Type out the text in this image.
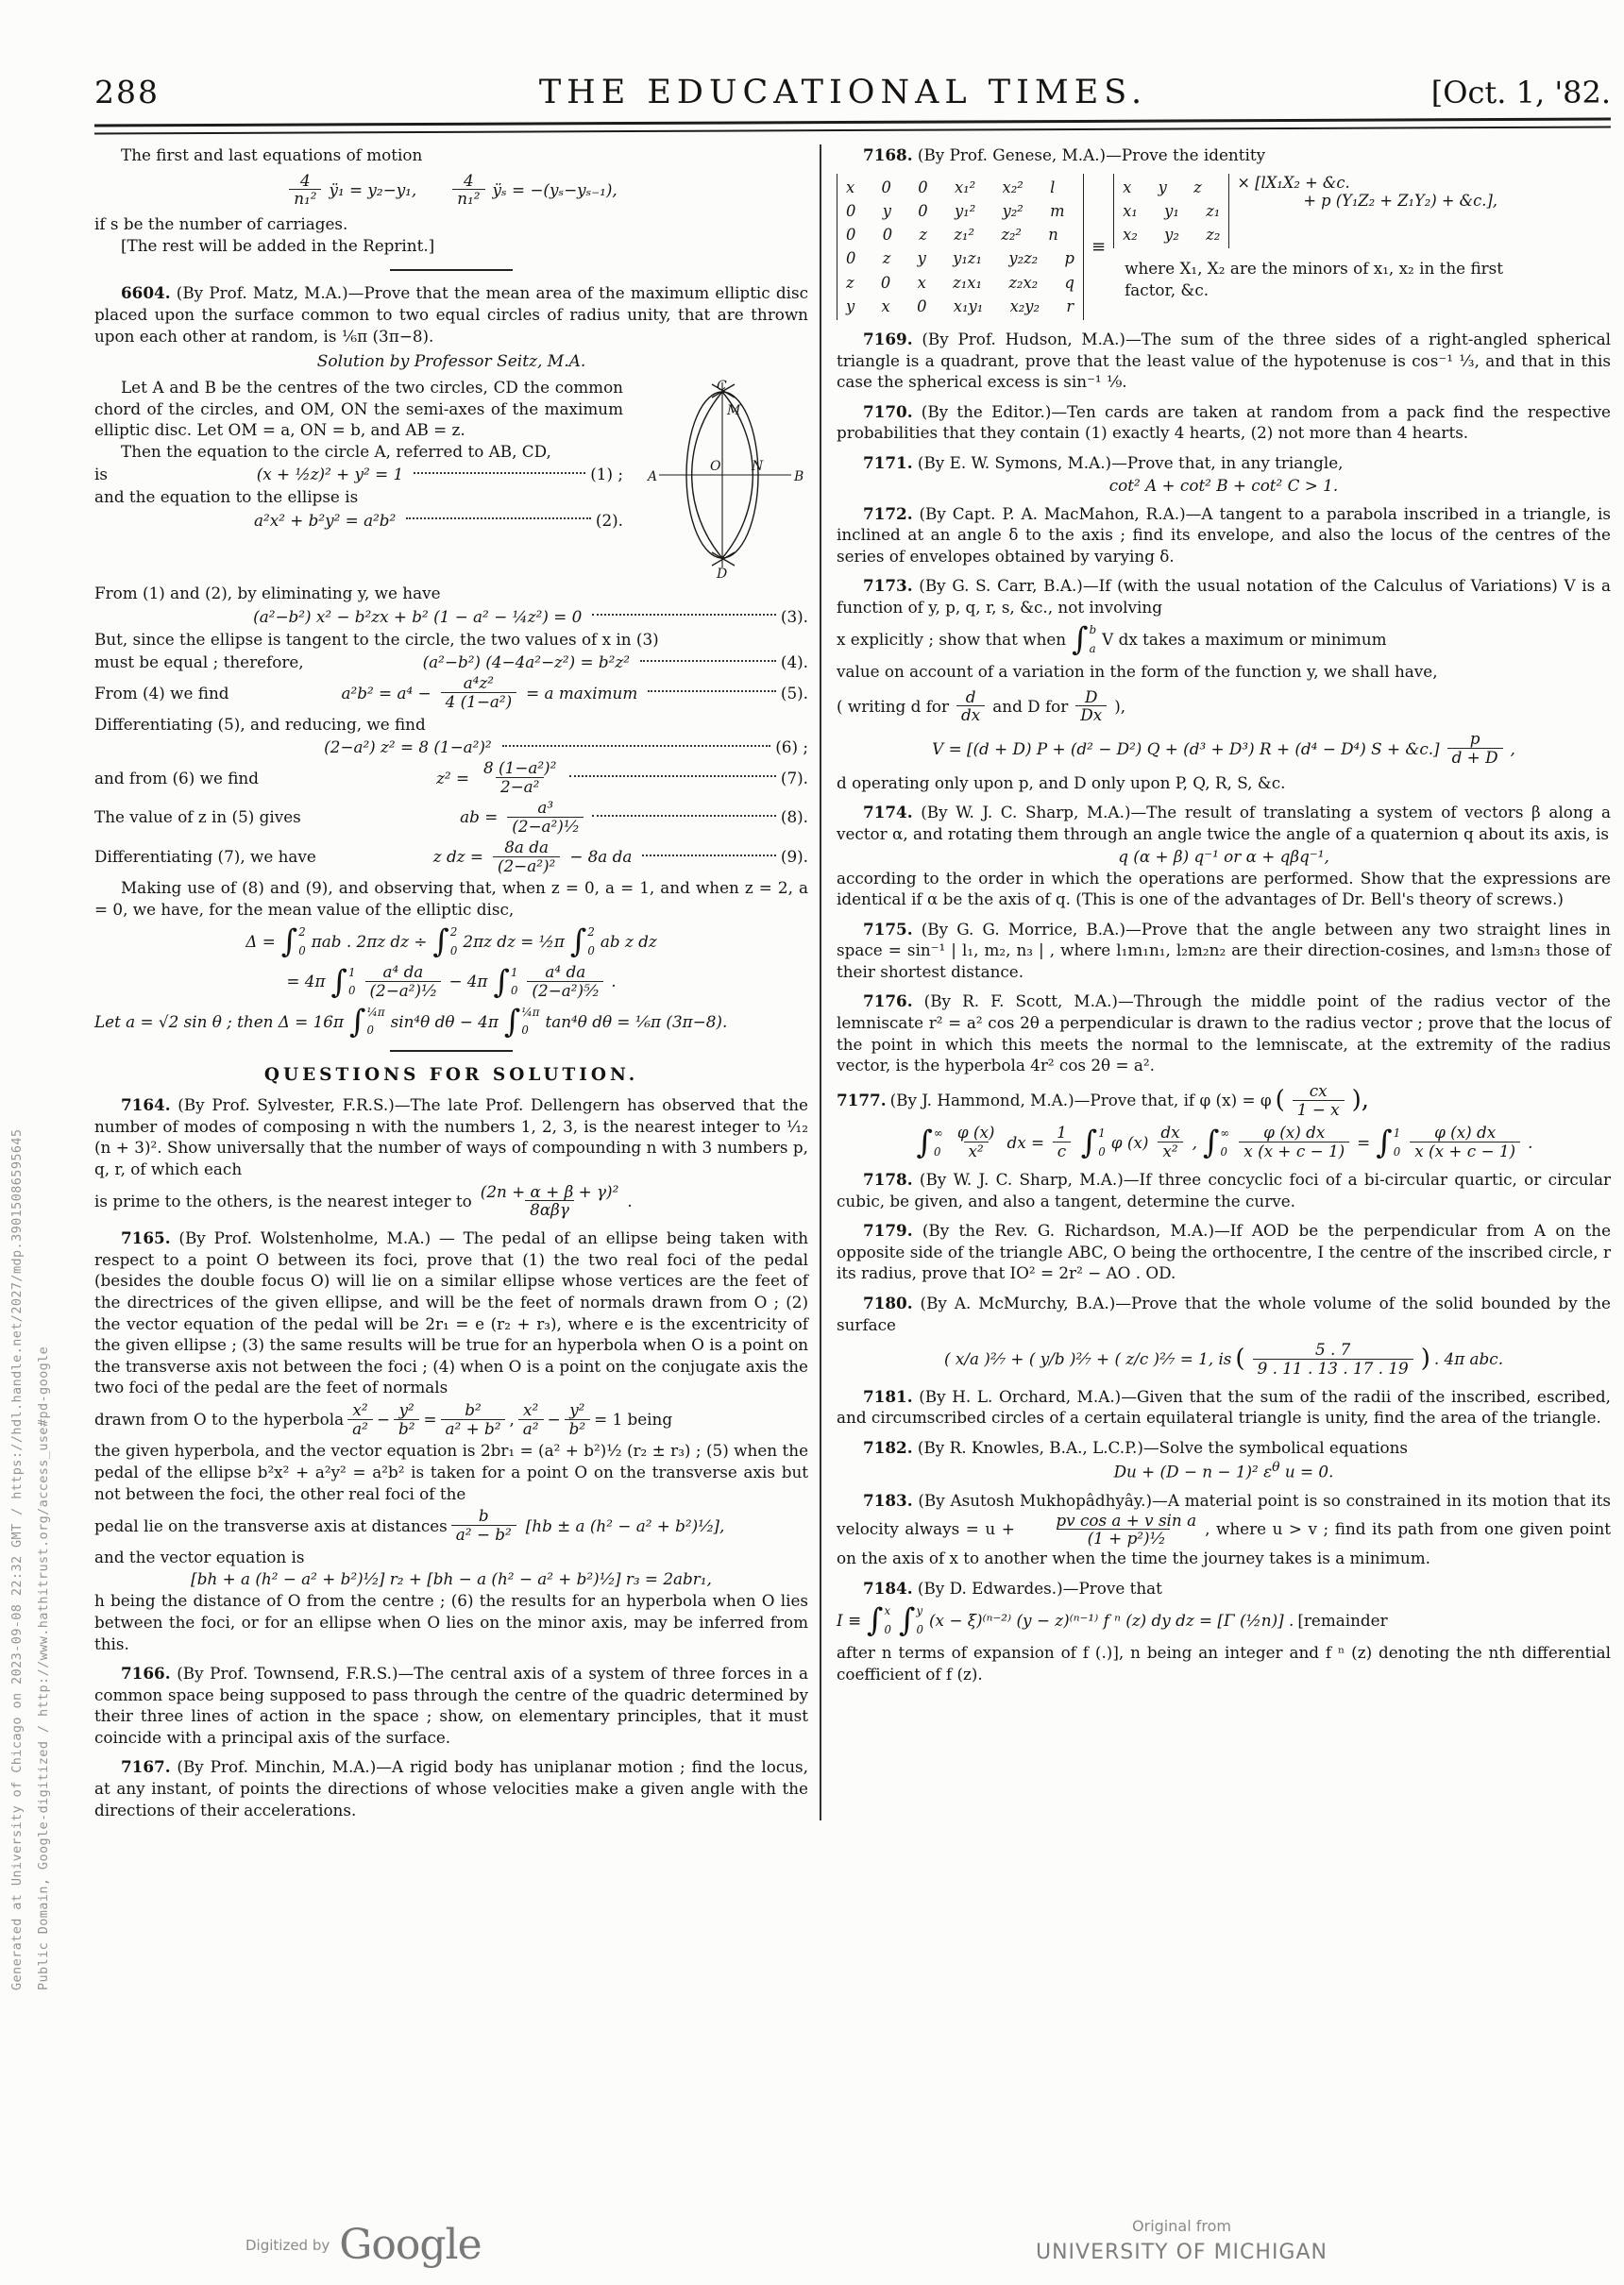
Generated at University of Chicago on 2023-09-08 22:32 GMT / https://hdl.handle.net/2027/mdp.39015086595645 Public Domain, Google-digitized / http://www.hathitrust.org/access_use#pd-google
288	THE EDUCATIONAL TIMES.	[Oct. 1, '82.

The first and last equations of motion

$\frac{4}{\text{n₁²}}$ ÿ₁ = y₂−y₁, $\frac{4}{\text{n₁²}}$ ÿₛ = −(yₛ−yₛ₋₁),

if s be the number of carriages.

[The rest will be added in the Reprint.]

6604. (By Prof. Matz, M.A.)—Prove that the mean area of the maximum elliptic disc placed upon the surface common to two equal circles of radius unity, that are thrown upon each other at random, is ⅙π (3π−8).

Solution by Professor Seitz, M.A.

C
M
A
O N
B
D

Let A and B be the centres of the two circles, CD the common chord of the circles, and OM, ON the semi-axes of the maximum elliptic disc. Let OM = a, ON = b, and AB = z.

Then the equation to the circle A, referred to AB, CD,

is	(x + ½z)² + y² = 1	(1) ;

and the equation to the ellipse is

a²x² + b²y² = a²b²	(2).

From (1) and (2), by eliminating y, we have

(a²−b²) x² − b²zx + b² (1 − a² − ¼z²) = 0	(3).

But, since the ellipse is tangent to the circle, the two values of x in (3)

must be equal ; therefore,	(a²−b²) (4−4a²−z²) = b²z²	(4).
From (4) we find	$a^2b^2 = a^4 - \frac{\text{a⁴z²}}{\text{4 (1−a²)}} = a$ maximum	(5).

Differentiating (5), and reducing, we find

(2−a²) z² = 8 (1−a²)²	(6) ;
and from (6) we find	$z^2 = \frac{\text{8 (1−a²)²}}{\text{2−a²}}$	(7).
The value of z in (5) gives	ab = $\frac{\text{a³}}{\text{(2−a²)¹⁄₂}}$	(8).
Differentiating (7), we have	z dz = $\frac{\text{8a da}}{\text{(2−a²)²}} - 8a$ da	(9).

Making use of (8) and (9), and observing that, when z = 0, a = 1, and when z = 2, a = 0, we have, for the mean value of the elliptic disc,

Δ = ∫ 2
0 πab . 2πz dz ÷ ∫ 2
0 2πz dz = ½π ∫ 2
0 ab z dz
= 4π ∫ 1
$0 \frac{\text{a⁴ da}}{\text{(2−a²)¹⁄₂}} - 4\pi$ ∫ 1
$0 \frac{\text{a⁴ da}}{\text{(2−a²)⁵⁄₂}}$ .
Let a = √2 sin θ ; then Δ = 16π ∫ ¼π
0	sin⁴θ dθ − 4π ∫ ¼π
0	tan⁴θ dθ = ⅙π (3π−8).
QUESTIONS FOR SOLUTION.

7164. (By Prof. Sylvester, F.R.S.)—The late Prof. Dellengern has observed that the number of modes of composing n with the numbers 1, 2, 3, is the nearest integer to ¹⁄₁₂ (n + 3)². Show universally that the number of ways of compounding n with 3 numbers p, q, r, of which each

is prime to the others, is the nearest integer to $\frac{\text{(2n + α + β + γ)²}}{\text{8αβγ}}$ .

7165. (By Prof. Wolstenholme, M.A.) — The pedal of an ellipse being taken with respect to a point O between its foci, prove that (1) the two real foci of the pedal (besides the double focus O) will lie on a similar ellipse whose vertices are the feet of the directrices of the given ellipse, and will be the feet of normals drawn from O ; (2) the vector equation of the pedal will be 2r₁ = e (r₂ + r₃), where e is the excentricity of the given ellipse ; (3) the same results will be true for an hyperbola when O is a point on the transverse axis not between the foci ; (4) when O is a point on the conjugate axis the two foci of the pedal are the feet of normals

drawn from O to the hyperbola $\frac{\text{x²}}{\text{a²}} - \frac{\text{y²}}{\text{b²}} = \frac{\text{b²}}{\text{a² + b²}}$ , $\frac{\text{x²}}{\text{a²}} - \frac{\text{y²}}{\text{b²}} = 1$ being

the given hyperbola, and the vector equation is 2br₁ = (a² + b²)¹⁄₂ (r₂ ± r₃) ; (5) when the pedal of the ellipse b²x² + a²y² = a²b² is taken for a point O on the transverse axis but not between the foci, the other real foci of the

pedal lie on the transverse axis at distances $\frac{b}{\text{a² − b²}} [hb \pm a$ (h² − a² + b²)¹⁄₂],

and the vector equation is

[bh + a (h² − a² + b²)¹⁄₂] r₂ + [bh − a (h² − a² + b²)¹⁄₂] r₃ = 2abr₁,

h being the distance of O from the centre ; (6) the results for an hyperbola when O lies between the foci, or for an ellipse when O lies on the minor axis, may be inferred from this.

7166. (By Prof. Townsend, F.R.S.)—The central axis of a system of three forces in a common space being supposed to pass through the centre of the quadric determined by their three lines of action in the space ; show, on elementary principles, that it must coincide with a principal axis of the surface.

7167. (By Prof. Minchin, M.A.)—A rigid body has uniplanar motion ; find the locus, at any instant, of points the directions of whose velocities make a given angle with the directions of their accelerations.

7168. (By Prof. Genese, M.A.)—Prove the identity

x  0  0  x₁²  x₂²  l
0  y  0  y₁²  y₂²  m
0  0  z  z₁²  z₂²  n
0  z  y  y₁z₁  y₂z₂  p
z  0  x  z₁x₁  z₂x₂  q
y  x  0  x₁y₁  x₂y₂  r
≡
x  y  z
x₁  y₁  z₁
x₂  y₂  z₂
× [lX₁X₂ + &c.
+ p (Y₁Z₂ + Z₁Y₂) + &c.],

where X₁, X₂ are the minors of x₁, x₂ in the first factor, &c.

7169. (By Prof. Hudson, M.A.)—The sum of the three sides of a right-angled spherical triangle is a quadrant, prove that the least value of the hypotenuse is cos⁻¹ ⅓, and that in this case the spherical excess is sin⁻¹ ⅑.

7170. (By the Editor.)—Ten cards are taken at random from a pack find the respective probabilities that they contain (1) exactly 4 hearts, (2) not more than 4 hearts.

7171. (By E. W. Symons, M.A.)—Prove that, in any triangle,

cot² A + cot² B + cot² C > 1.

7172. (By Capt. P. A. MacMahon, R.A.)—A tangent to a parabola inscribed in a triangle, is inclined at an angle δ to the axis ; find its envelope, and also the locus of the centres of the series of envelopes obtained by varying δ.

7173. (By G. S. Carr, B.A.)—If (with the usual notation of the Calculus of Variations) V is a function of y, p, q, r, s, &c., not involving

x explicitly ; show that when ∫ b
a V dx takes a maximum or minimum

value on account of a variation in the form of the function y, we shall have,

( writing d for $\frac{d}{dx}$ and D for $\frac{D}{Dx}$ ),
V = [(d + D) P + (d² − D²) Q + (d³ + D³) R + (d⁴ − D⁴) S + &c.] $\frac{p}{d + D}$ ,

d operating only upon p, and D only upon P, Q, R, S, &c.

7174. (By W. J. C. Sharp, M.A.)—The result of translating a system of vectors β along a vector α, and rotating them through an angle twice the angle of a quaternion q about its axis, is

q (α + β) q⁻¹ or α + qβq⁻¹,

according to the order in which the operations are performed. Show that the expressions are identical if α be the axis of q. (This is one of the advantages of Dr. Bell's theory of screws.)

7175. (By G. G. Morrice, B.A.)—Prove that the angle between any two straight lines in space = sin⁻¹ | l₁, m₂, n₃ | , where l₁m₁n₁, l₂m₂n₂ are their direction-cosines, and l₃m₃n₃ those of their shortest distance.

7176. (By R. F. Scott, M.A.)—Through the middle point of the radius vector of the lemniscate r² = a² cos 2θ a perpendicular is drawn to the radius vector ; prove that the locus of the point in which this meets the normal to the lemniscate, at the extremity of the radius vector, is the hyperbola 4r² cos 2θ = a².

7177. (By J. Hammond, M.A.)—Prove that, if φ (x) = φ ( $\frac{cx}{1 - x}$ ),
∫ ∞
$0 \frac{\varphi (x)}{\text{x²}}$ dx = $\frac{1}{c}$ ∫ 1
0 φ $(x) \frac{dx}{\text{x²}}$ , ∫ ∞
$0 \frac{\varphi (x) dx}{x (x + c - 1)}$ = ∫ 1
$0 \frac{\varphi (x) dx}{x (x + c - 1)}$ .

7178. (By W. J. C. Sharp, M.A.)—If three concyclic foci of a bi-circular quartic, or circular cubic, be given, and also a tangent, determine the curve.

7179. (By the Rev. G. Richardson, M.A.)—If AOD be the perpendicular from A on the opposite side of the triangle ABC, O being the orthocentre, I the centre of the inscribed circle, r its radius, prove that IO² = 2r² − AO . OD.

7180. (By A. McMurchy, B.A.)—Prove that the whole volume of the solid bounded by the surface

( x/a )²⁄₇ + ( y/b )²⁄₇ + ( z/c )²⁄₇ = 1, is ( $\frac{5 . 7}{9 . 11 . 13 . 17 . 19}$ ) . 4π abc.

7181. (By H. L. Orchard, M.A.)—Given that the sum of the radii of the inscribed, escribed, and circumscribed circles of a certain equilateral triangle is unity, find the area of the triangle.

7182. (By R. Knowles, B.A., L.C.P.)—Solve the symbolical equations

Du + (D − n − 1)² $\varepsilon^\theta$ u = 0.

7183. (By Asutosh Mukhopâdhyây.)—A material point is so constrained in its motion that its velocity always = $u + \frac{\text{pv cos a + v sin a}}{\text{(1 + p²)¹⁄₂}}$ , where u > v ; find its path from one given point on the axis of x to another when the time the journey takes is a minimum.

7184. (By D. Edwardes.)—Prove that

I ≡ ∫ x
0 ∫ y
0 (x − ξ)⁽ⁿ⁻²⁾ (y − z)⁽ⁿ⁻¹⁾ f ⁿ (z) dy dz = [Γ (½n)] . [remainder

after n terms of expansion of f (.)], n being an integer and f ⁿ (z) denoting the nth differential coefficient of f (z).

Digitized by Google	Original from
UNIVERSITY OF MICHIGAN
